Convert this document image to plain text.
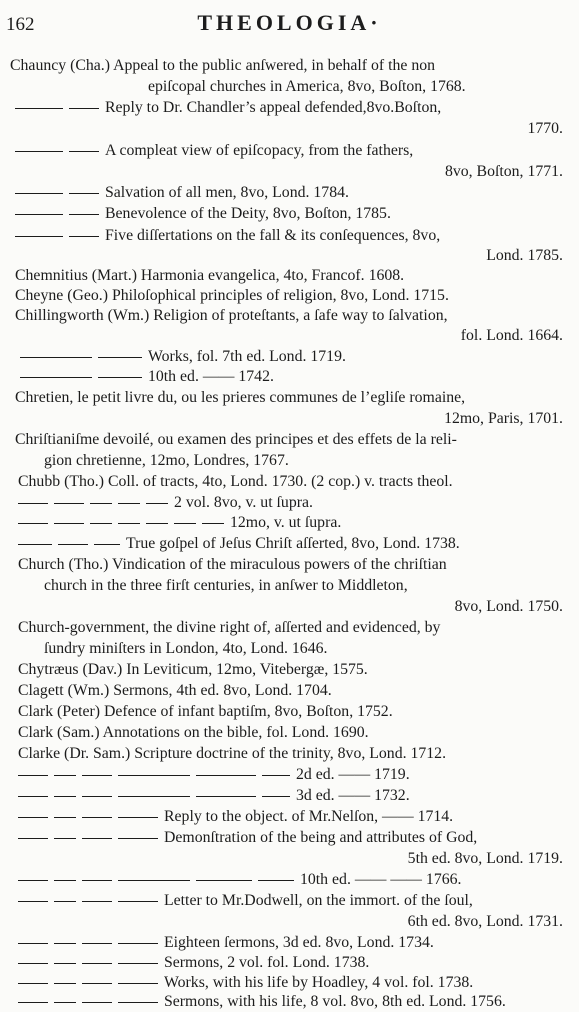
162	THEOLOGIA·
Chauncy (Cha.) Appeal to the public anſwered, in behalf of the non
epiſcopal churches in America, 8vo, Boſton, 1768.
Reply to Dr. Chandler’s appeal defended,8vo.Boſton,
1770.
A compleat view of epiſcopacy, from the fathers,
8vo, Boſton, 1771.
Salvation of all men, 8vo, Lond. 1784.
Benevolence of the Deity, 8vo, Boſton, 1785.
Five diſſertations on the fall & its conſequences, 8vo,
Lond. 1785.
Chemnitius (Mart.) Harmonia evangelica, 4to, Francof. 1608.
Cheyne (Geo.) Philoſophical principles of religion, 8vo, Lond. 1715.
Chillingworth (Wm.) Religion of proteſtants, a ſafe way to ſalvation,
fol. Lond. 1664.
Works, fol. 7th ed. Lond. 1719.
10th ed. —— 1742.
Chretien, le petit livre du, ou les prieres communes de l’egliſe romaine,
12mo, Paris, 1701.
Chriſtianiſme devoilé, ou examen des principes et des effets de la reli-
gion chretienne, 12mo, Londres, 1767.
Chubb (Tho.) Coll. of tracts, 4to, Lond. 1730. (2 cop.) v. tracts theol.
2 vol. 8vo, v. ut ſupra.
12mo, v. ut ſupra.
True goſpel of Jeſus Chriſt aſſerted, 8vo, Lond. 1738.
Church (Tho.) Vindication of the miraculous powers of the chriſtian
church in the three firſt centuries, in anſwer to Middleton,
8vo, Lond. 1750.
Church-government, the divine right of, aſſerted and evidenced, by
ſundry miniſters in London, 4to, Lond. 1646.
Chytræus (Dav.) In Leviticum, 12mo, Vitebergæ, 1575.
Clagett (Wm.) Sermons, 4th ed. 8vo, Lond. 1704.
Clark (Peter) Defence of infant baptiſm, 8vo, Boſton, 1752.
Clark (Sam.) Annotations on the bible, fol. Lond. 1690.
Clarke (Dr. Sam.) Scripture doctrine of the trinity, 8vo, Lond. 1712.
2d ed. —— 1719.
3d ed. —— 1732.
Reply to the object. of Mr.Nelſon, —— 1714.
Demonſtration of the being and attributes of God,
5th ed. 8vo, Lond. 1719.
10th ed. —— —— 1766.
Letter to Mr.Dodwell, on the immort. of the ſoul,
6th ed. 8vo, Lond. 1731.
Eighteen ſermons, 3d ed. 8vo, Lond. 1734.
Sermons, 2 vol. fol. Lond. 1738.
Works, with his life by Hoadley, 4 vol. fol. 1738.
Sermons, with his life, 8 vol. 8vo, 8th ed. Lond. 1756.
